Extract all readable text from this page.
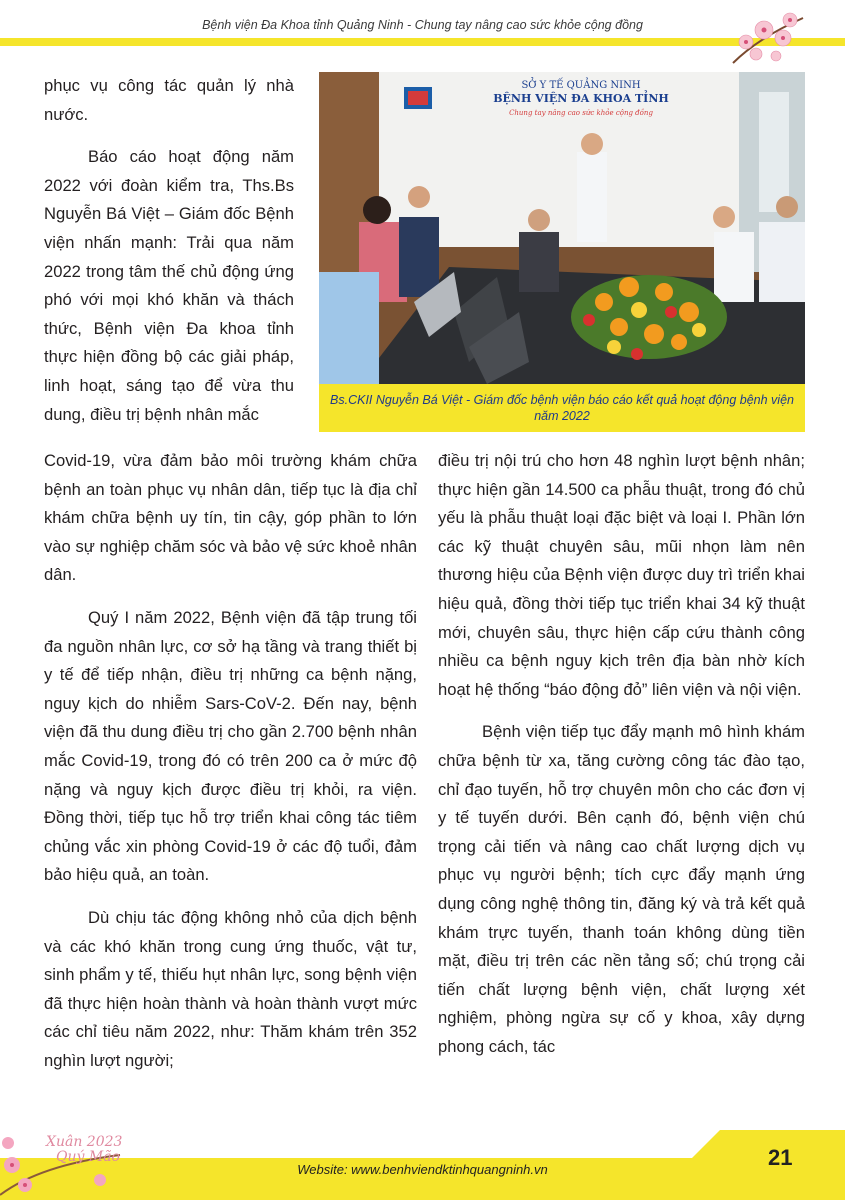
Bệnh viện Đa Khoa tỉnh Quảng Ninh - Chung tay nâng cao sức khỏe cộng đồng

phục vụ công tác quản lý nhà nước.

Báo cáo hoạt động năm 2022 với đoàn kiểm tra, Ths.Bs Nguyễn Bá Việt – Giám đốc Bệnh viện nhấn mạnh: Trải qua năm 2022 trong tâm thế chủ động ứng phó với mọi khó khăn và thách thức, Bệnh viện Đa khoa tỉnh thực hiện đồng bộ các giải pháp, linh hoạt, sáng tạo để vừa thu dung, điều trị bệnh nhân mắc

SỞ Y TẾ QUẢNG NINH
BỆNH VIỆN ĐA KHOA TỈNH
Chung tay nâng cao sức khỏe cộng đồng
Bs.CKII Nguyễn Bá Việt - Giám đốc bệnh viện báo cáo kết quả hoạt động bệnh viện năm 2022

Covid-19, vừa đảm bảo môi trường khám chữa bệnh an toàn phục vụ nhân dân, tiếp tục là địa chỉ khám chữa bệnh uy tín, tin cậy, góp phần to lớn vào sự nghiệp chăm sóc và bảo vệ sức khoẻ nhân dân.

Quý I năm 2022, Bệnh viện đã tập trung tối đa nguồn nhân lực, cơ sở hạ tầng và trang thiết bị y tế để tiếp nhận, điều trị những ca bệnh nặng, nguy kịch do nhiễm Sars-CoV-2. Đến nay, bệnh viện đã thu dung điều trị cho gần 2.700 bệnh nhân mắc Covid-19, trong đó có trên 200 ca ở mức độ nặng và nguy kịch được điều trị khỏi, ra viện. Đồng thời, tiếp tục hỗ trợ triển khai công tác tiêm chủng vắc xin phòng Covid-19 ở các độ tuổi, đảm bảo hiệu quả, an toàn.

Dù chịu tác động không nhỏ của dịch bệnh và các khó khăn trong cung ứng thuốc, vật tư, sinh phẩm y tế, thiếu hụt nhân lực, song bệnh viện đã thực hiện hoàn thành và hoàn thành vượt mức các chỉ tiêu năm 2022, như: Thăm khám trên 352 nghìn lượt người;

điều trị nội trú cho hơn 48 nghìn lượt bệnh nhân; thực hiện gần 14.500 ca phẫu thuật, trong đó chủ yếu là phẫu thuật loại đặc biệt và loại I. Phần lớn các kỹ thuật chuyên sâu, mũi nhọn làm nên thương hiệu của Bệnh viện được duy trì triển khai hiệu quả, đồng thời tiếp tục triển khai 34 kỹ thuật mới, chuyên sâu, thực hiện cấp cứu thành công nhiều ca bệnh nguy kịch trên địa bàn nhờ kích hoạt hệ thống “báo động đỏ” liên viện và nội viện.

Bệnh viện tiếp tục đẩy mạnh mô hình khám chữa bệnh từ xa, tăng cường công tác đào tạo, chỉ đạo tuyến, hỗ trợ chuyên môn cho các đơn vị y tế tuyến dưới. Bên cạnh đó, bệnh viện chú trọng cải tiến và nâng cao chất lượng dịch vụ phục vụ người bệnh; tích cực đẩy mạnh ứng dụng công nghệ thông tin, đăng ký và trả kết quả khám trực tuyến, thanh toán không dùng tiền mặt, điều trị trên các nền tảng số; chú trọng cải tiến chất lượng bệnh viện, chất lượng xét nghiệm, phòng ngừa sự cố y khoa, xây dựng phong cách, tác

21
Website: www.benhviendktinhquangninh.vn
Xuân 2023
Quý Mão
